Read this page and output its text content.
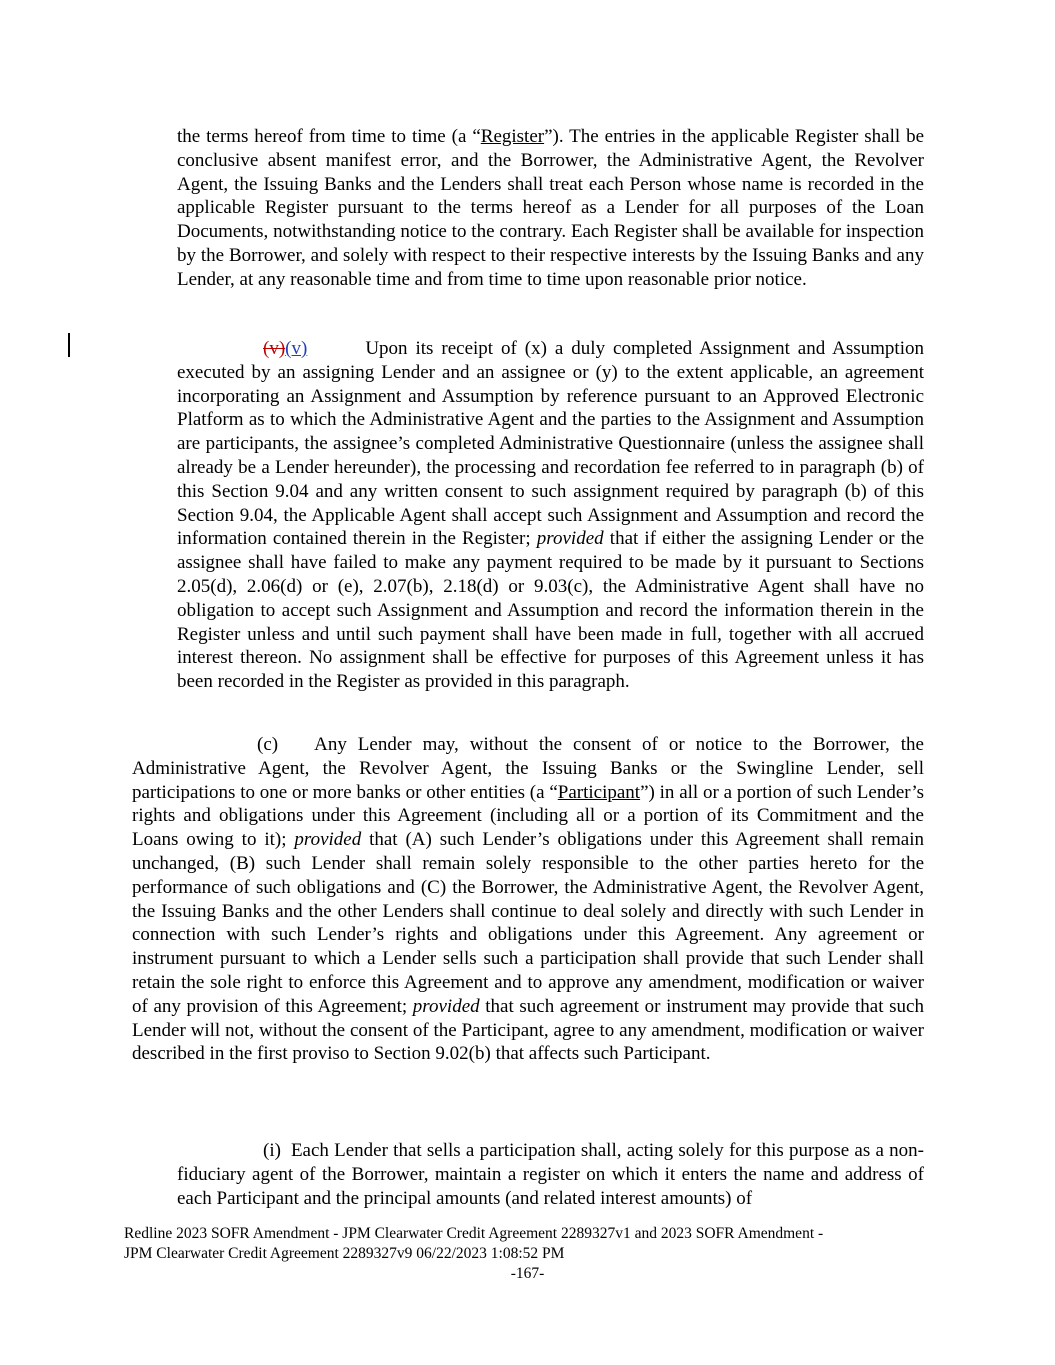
the terms hereof from time to time (a “Register”). The entries in the applicable Register shall be conclusive absent manifest error, and the Borrower, the Administrative Agent, the Revolver Agent, the Issuing Banks and the Lenders shall treat each Person whose name is recorded in the applicable Register pursuant to the terms hereof as a Lender for all purposes of the Loan Documents, notwithstanding notice to the contrary. Each Register shall be available for inspection by the Borrower, and solely with respect to their respective interests by the Issuing Banks and any Lender, at any reasonable time and from time to time upon reasonable prior notice.

(v)(v)	Upon its receipt of (x) a duly completed Assignment and Assumption executed by an assigning Lender and an assignee or (y) to the extent applicable, an agreement incorporating an Assignment and Assumption by reference pursuant to an Approved Electronic Platform as to which the Administrative Agent and the parties to the Assignment and Assumption are participants, the assignee’s completed Administrative Questionnaire (unless the assignee shall already be a Lender hereunder), the processing and recordation fee referred to in paragraph (b) of this Section 9.04 and any written consent to such assignment required by paragraph (b) of this Section 9.04, the Applicable Agent shall accept such Assignment and Assumption and record the information contained therein in the Register; provided that if either the assigning Lender or the assignee shall have failed to make any payment required to be made by it pursuant to Sections 2.05(d), 2.06(d) or (e), 2.07(b), 2.18(d) or 9.03(c), the Administrative Agent shall have no obligation to accept such Assignment and Assumption and record the information therein in the Register unless and until such payment shall have been made in full, together with all accrued interest thereon. No assignment shall be effective for purposes of this Agreement unless it has been recorded in the Register as provided in this paragraph.

(c) Any Lender may, without the consent of or notice to the Borrower, the Administrative Agent, the Revolver Agent, the Issuing Banks or the Swingline Lender, sell participations to one or more banks or other entities (a “Participant”) in all or a portion of such Lender’s rights and obligations under this Agreement (including all or a portion of its Commitment and the Loans owing to it); provided that (A) such Lender’s obligations under this Agreement shall remain unchanged, (B) such Lender shall remain solely responsible to the other parties hereto for the performance of such obligations and (C) the Borrower, the Administrative Agent, the Revolver Agent, the Issuing Banks and the other Lenders shall continue to deal solely and directly with such Lender in connection with such Lender’s rights and obligations under this Agreement. Any agreement or instrument pursuant to which a Lender sells such a participation shall provide that such Lender shall retain the sole right to enforce this Agreement and to approve any amendment, modification or waiver of any provision of this Agreement; provided that such agreement or instrument may provide that such Lender will not, without the consent of the Participant, agree to any amendment, modification or waiver described in the first proviso to Section 9.02(b) that affects such Participant.

(i) Each Lender that sells a participation shall, acting solely for this purpose as a non-fiduciary agent of the Borrower, maintain a register on which it enters the name and address of each Participant and the principal amounts (and related interest amounts) of

Redline 2023 SOFR Amendment - JPM Clearwater Credit Agreement 2289327v1 and 2023 SOFR Amendment -
JPM Clearwater Credit Agreement 2289327v9 06/22/2023 1:08:52 PM
-167-
